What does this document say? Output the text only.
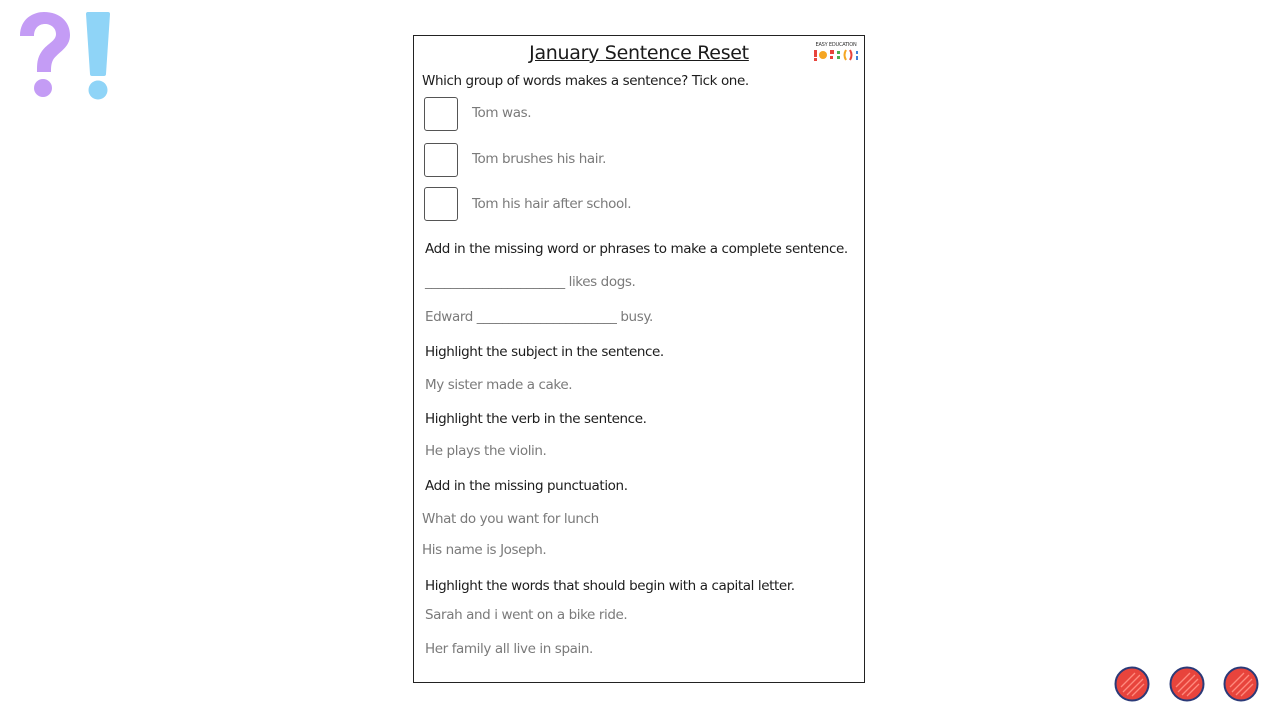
January Sentence Reset	EASY EDUCATION
Which group of words makes a sentence? Tick one.
Tom was.
Tom brushes his hair.
Tom his hair after school.
Add in the missing word or phrases to make a complete sentence.
______________________ likes dogs.
Edward ______________________ busy.
Highlight the subject in the sentence.
My sister made a cake.
Highlight the verb in the sentence.
He plays the violin.
Add in the missing punctuation.
What do you want for lunch
His name is Joseph.
Highlight the words that should begin with a capital letter.
Sarah and i went on a bike ride.
Her family all live in spain.
